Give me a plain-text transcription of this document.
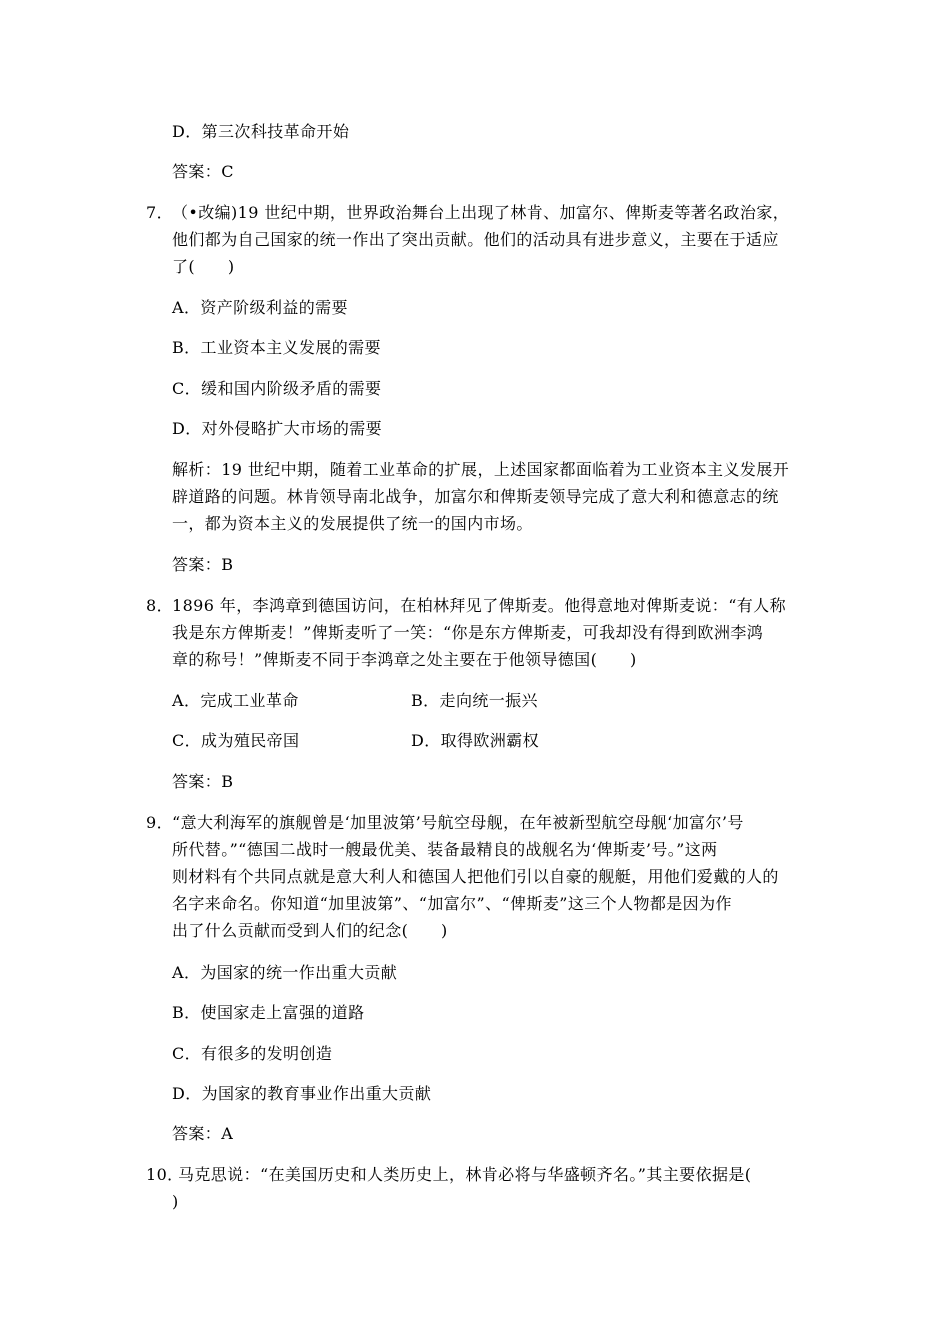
D．第三次科技革命开始
答案：C
7． （•改编)19 世纪中期，世界政治舞台上出现了林肯、加富尔、俾斯麦等著名政治家，
他们都为自己国家的统一作出了突出贡献。他们的活动具有进步意义，主要在于适应
了(　　)
A．资产阶级利益的需要
B．工业资本主义发展的需要
C．缓和国内阶级矛盾的需要
D．对外侵略扩大市场的需要
解析：19 世纪中期，随着工业革命的扩展，上述国家都面临着为工业资本主义发展开
辟道路的问题。林肯领导南北战争，加富尔和俾斯麦领导完成了意大利和德意志的统
一，都为资本主义的发展提供了统一的国内市场。
答案：B
8． 1896 年，李鸿章到德国访问，在柏林拜见了俾斯麦。他得意地对俾斯麦说：“有人称
我是东方俾斯麦！”俾斯麦听了一笑：“你是东方俾斯麦，可我却没有得到欧洲李鸿
章的称号！”俾斯麦不同于李鸿章之处主要在于他领导德国(　　)
A．完成工业革命	B．走向统一振兴
C．成为殖民帝国	D．取得欧洲霸权
答案：B
9． “意大利海军的旗舰曾是‘加里波第’号航空母舰，在年被新型航空母舰‘加富尔’号
所代替。”“德国二战时一艘最优美、装备最精良的战舰名为‘俾斯麦’号。”这两
则材料有个共同点就是意大利人和德国人把他们引以自豪的舰艇，用他们爱戴的人的
名字来命名。你知道“加里波第”、“加富尔”、“俾斯麦”这三个人物都是因为作
出了什么贡献而受到人们的纪念(　　)
A．为国家的统一作出重大贡献
B．使国家走上富强的道路
C．有很多的发明创造
D．为国家的教育事业作出重大贡献
答案：A
10．
马克思说：“在美国历史和人类历史上，林肯必将与华盛顿齐名。”其主要依据是(
)
